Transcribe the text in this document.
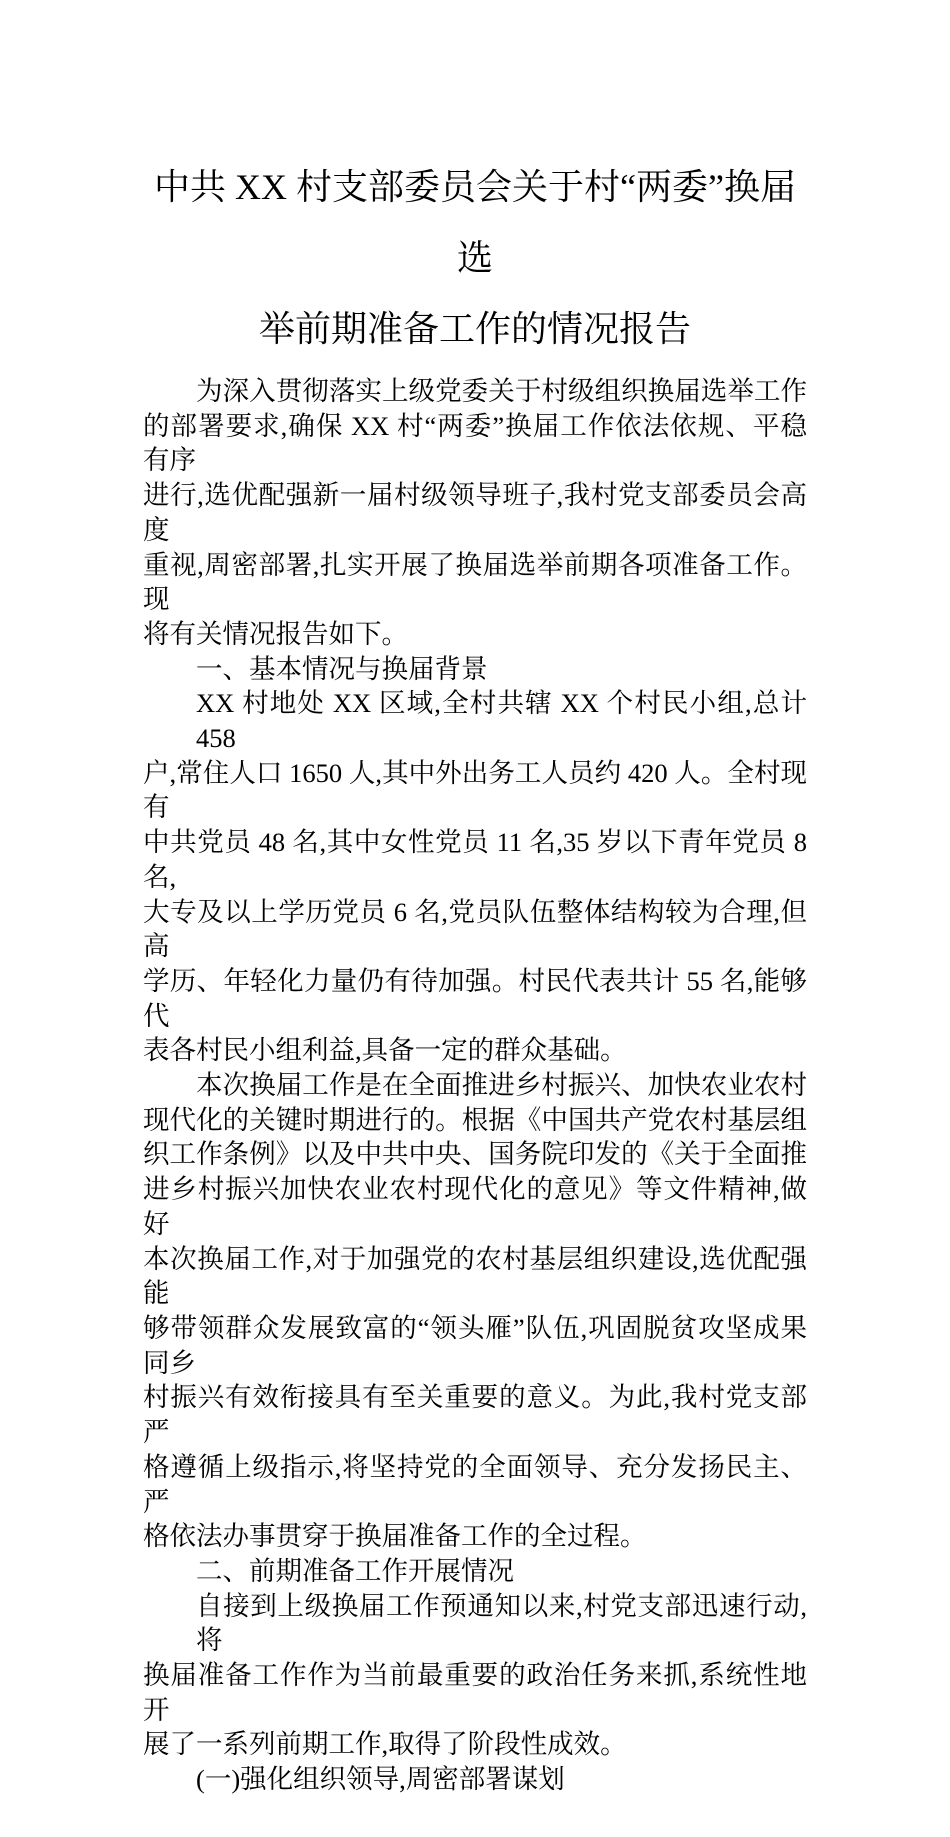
中共 XX 村支部委员会关于村“两委”换届选
举前期准备工作的情况报告
为深入贯彻落实上级党委关于村级组织换届选举工作
的部署要求,确保 XX 村“两委”换届工作依法依规、平稳有序
进行,选优配强新一届村级领导班子,我村党支部委员会高度
重视,周密部署,扎实开展了换届选举前期各项准备工作。现
将有关情况报告如下。
一、基本情况与换届背景
XX 村地处 XX 区域,全村共辖 XX 个村民小组,总计 458
户,常住人口 1650 人,其中外出务工人员约 420 人。全村现有
中共党员 48 名,其中女性党员 11 名,35 岁以下青年党员 8 名,
大专及以上学历党员 6 名,党员队伍整体结构较为合理,但高
学历、年轻化力量仍有待加强。村民代表共计 55 名,能够代
表各村民小组利益,具备一定的群众基础。
本次换届工作是在全面推进乡村振兴、加快农业农村
现代化的关键时期进行的。根据《中国共产党农村基层组
织工作条例》以及中共中央、国务院印发的《关于全面推
进乡村振兴加快农业农村现代化的意见》等文件精神,做好
本次换届工作,对于加强党的农村基层组织建设,选优配强能
够带领群众发展致富的“领头雁”队伍,巩固脱贫攻坚成果同乡
村振兴有效衔接具有至关重要的意义。为此,我村党支部严
格遵循上级指示,将坚持党的全面领导、充分发扬民主、严
格依法办事贯穿于换届准备工作的全过程。
二、前期准备工作开展情况
自接到上级换届工作预通知以来,村党支部迅速行动,将
换届准备工作作为当前最重要的政治任务来抓,系统性地开
展了一系列前期工作,取得了阶段性成效。
(一)强化组织领导,周密部署谋划
